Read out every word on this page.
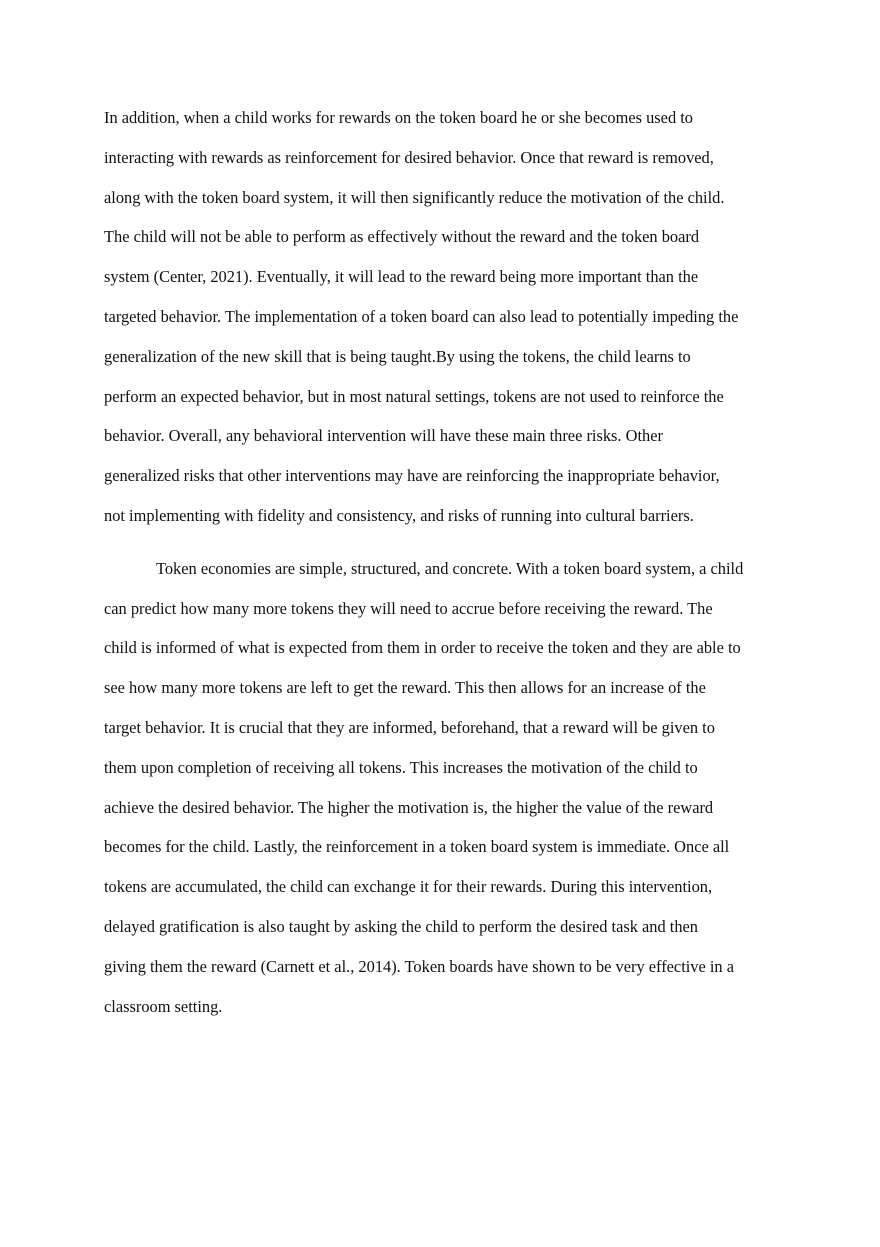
In addition, when a child works for rewards on the token board he or she becomes used to
interacting with rewards as reinforcement for desired behavior. Once that reward is removed,
along with the token board system, it will then significantly reduce the motivation of the child.
The child will not be able to perform as effectively without the reward and the token board
system (Center, 2021). Eventually, it will lead to the reward being more important than the
targeted behavior. The implementation of a token board can also lead to potentially impeding the
generalization of the new skill that is being taught.By using the tokens, the child learns to
perform an expected behavior, but in most natural settings, tokens are not used to reinforce the
behavior. Overall, any behavioral intervention will have these main three risks. Other
generalized risks that other interventions may have are reinforcing the inappropriate behavior,
not implementing with fidelity and consistency, and risks of running into cultural barriers.

Token economies are simple, structured, and concrete. With a token board system, a child
can predict how many more tokens they will need to accrue before receiving the reward. The
child is informed of what is expected from them in order to receive the token and they are able to
see how many more tokens are left to get the reward. This then allows for an increase of the
target behavior. It is crucial that they are informed, beforehand, that a reward will be given to
them upon completion of receiving all tokens. This increases the motivation of the child to
achieve the desired behavior. The higher the motivation is, the higher the value of the reward
becomes for the child. Lastly, the reinforcement in a token board system is immediate. Once all
tokens are accumulated, the child can exchange it for their rewards. During this intervention,
delayed gratification is also taught by asking the child to perform the desired task and then
giving them the reward (Carnett et al., 2014). Token boards have shown to be very effective in a
classroom setting.
